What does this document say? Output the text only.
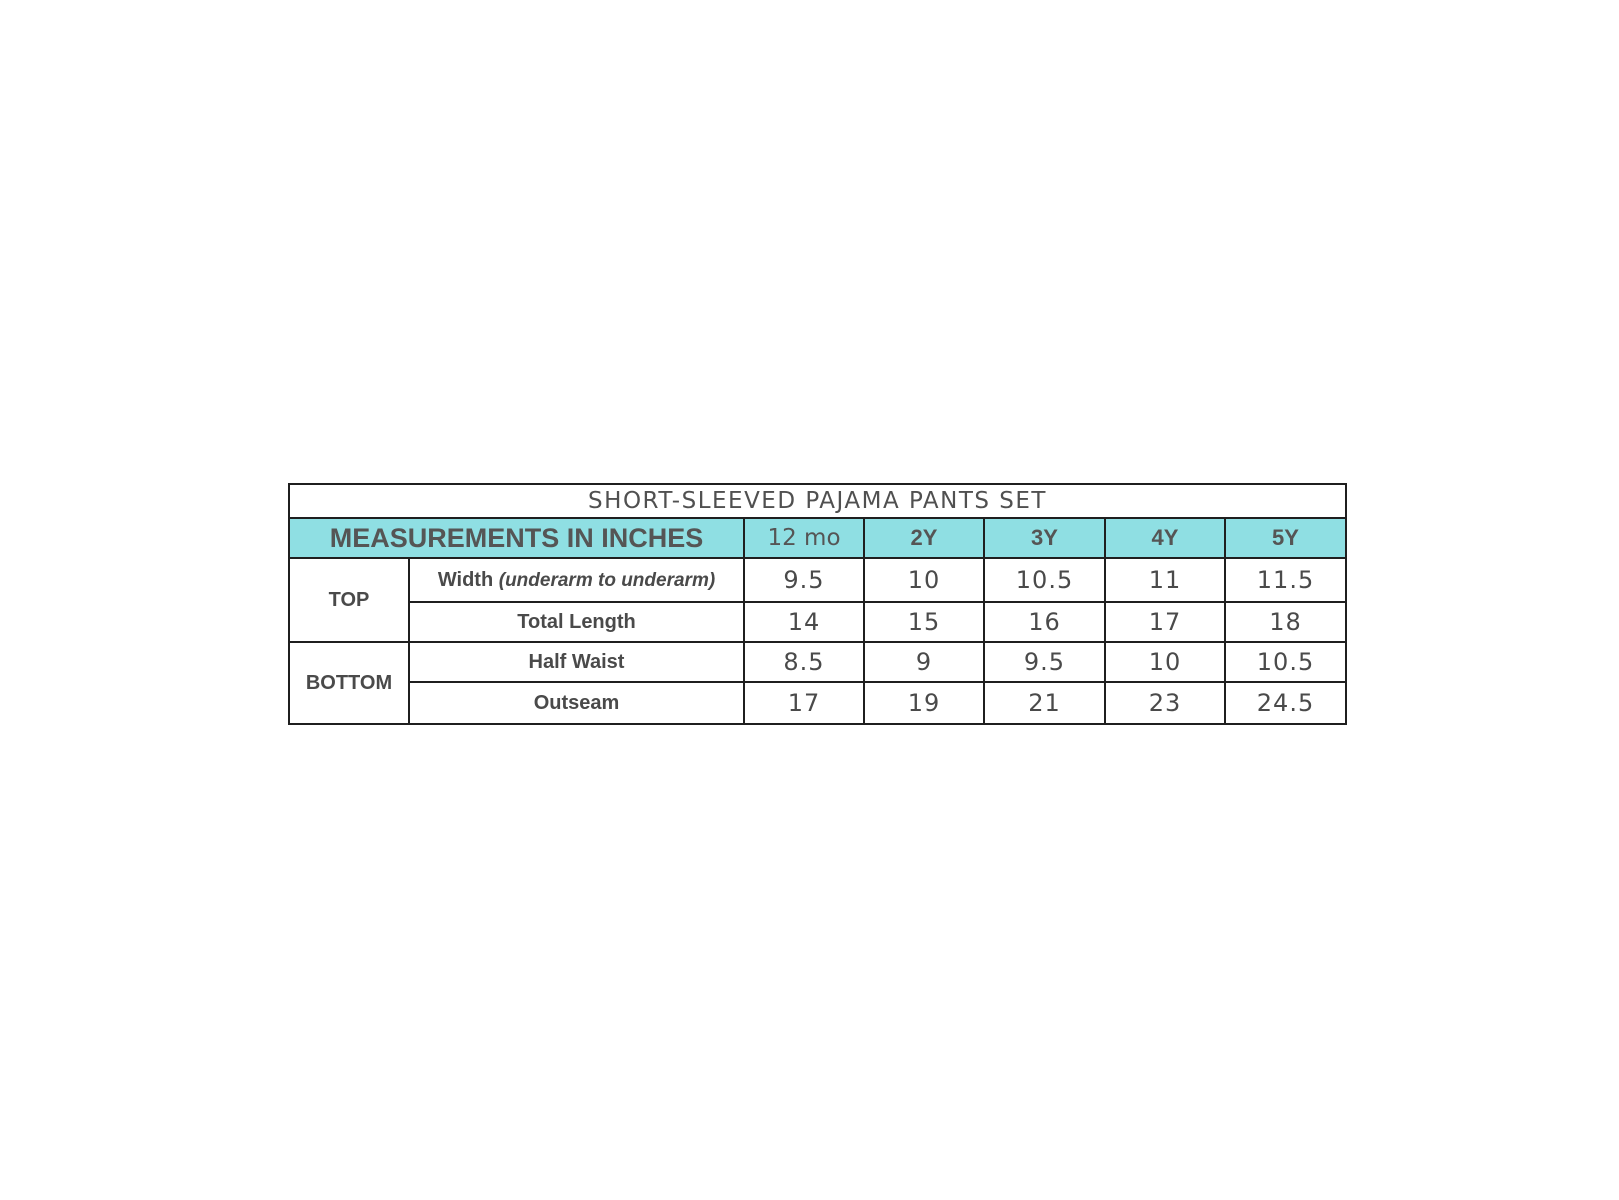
SHORT-SLEEVED PAJAMA PANTS SET						
MEASUREMENTS IN INCHES		12 mo	2Y	3Y	4Y	5Y
TOP	Width (underarm to underarm)	9.5	10	10.5	11	11.5
	Total Length	14	15	16	17	18
BOTTOM	Half Waist	8.5	9	9.5	10	10.5
	Outseam	17	19	21	23	24.5
